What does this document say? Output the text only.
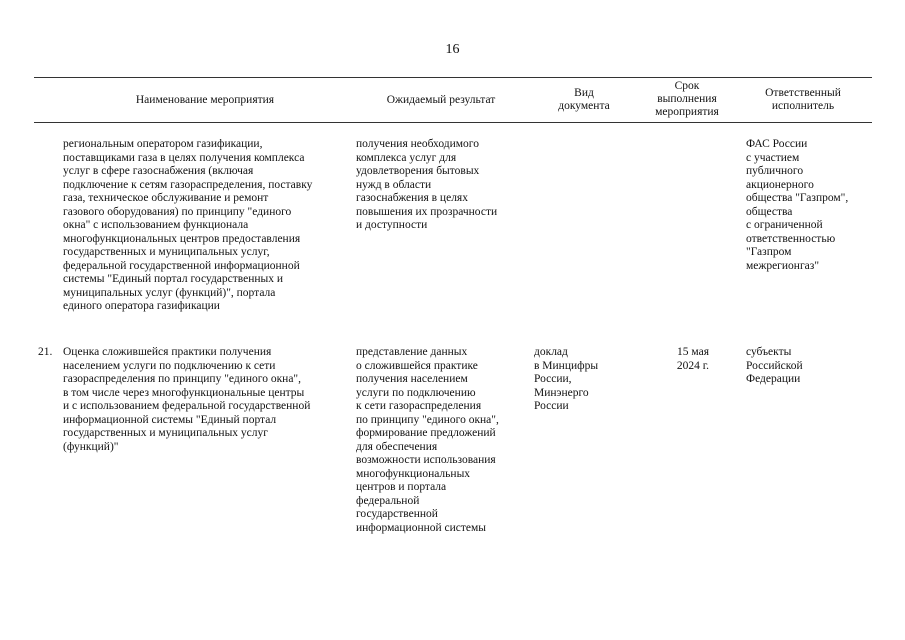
16
Наименование мероприятия	Ожидаемый результат
Вид
документа
Срок
выполнения
мероприятия
Ответственный
исполнитель
региональным оператором газификации,
поставщиками газа в целях получения комплекса
услуг в сфере газоснабжения (включая
подключение к сетям газораспределения, поставку
газа, техническое обслуживание и ремонт
газового оборудования) по принципу "единого
окна" с использованием функционала
многофункциональных центров предоставления
государственных и муниципальных услуг,
федеральной государственной информационной
системы "Единый портал государственных и
муниципальных услуг (функций)", портала
единого оператора газификации
получения необходимого
комплекса услуг для
удовлетворения бытовых
нужд в области
газоснабжения в целях
повышения их прозрачности
и доступности
ФАС России
с участием
публичного
акционерного
общества "Газпром",
общества
с ограниченной
ответственностью
"Газпром
межрегионгаз"
21. Оценка сложившейся практики получения
населением услуги по подключению к сети
газораспределения по принципу "единого окна",
в том числе через многофункциональные центры
и с использованием федеральной государственной
информационной системы "Единый портал
государственных и муниципальных услуг
(функций)"
представление данных
о сложившейся практике
получения населением
услуги по подключению
к сети газораспределения
по принципу "единого окна",
формирование предложений
для обеспечения
возможности использования
многофункциональных
центров и портала
федеральной
государственной
информационной системы
доклад
в Минцифры
России,
Минэнерго
России
15 мая
2024 г.
субъекты
Российской
Федерации
